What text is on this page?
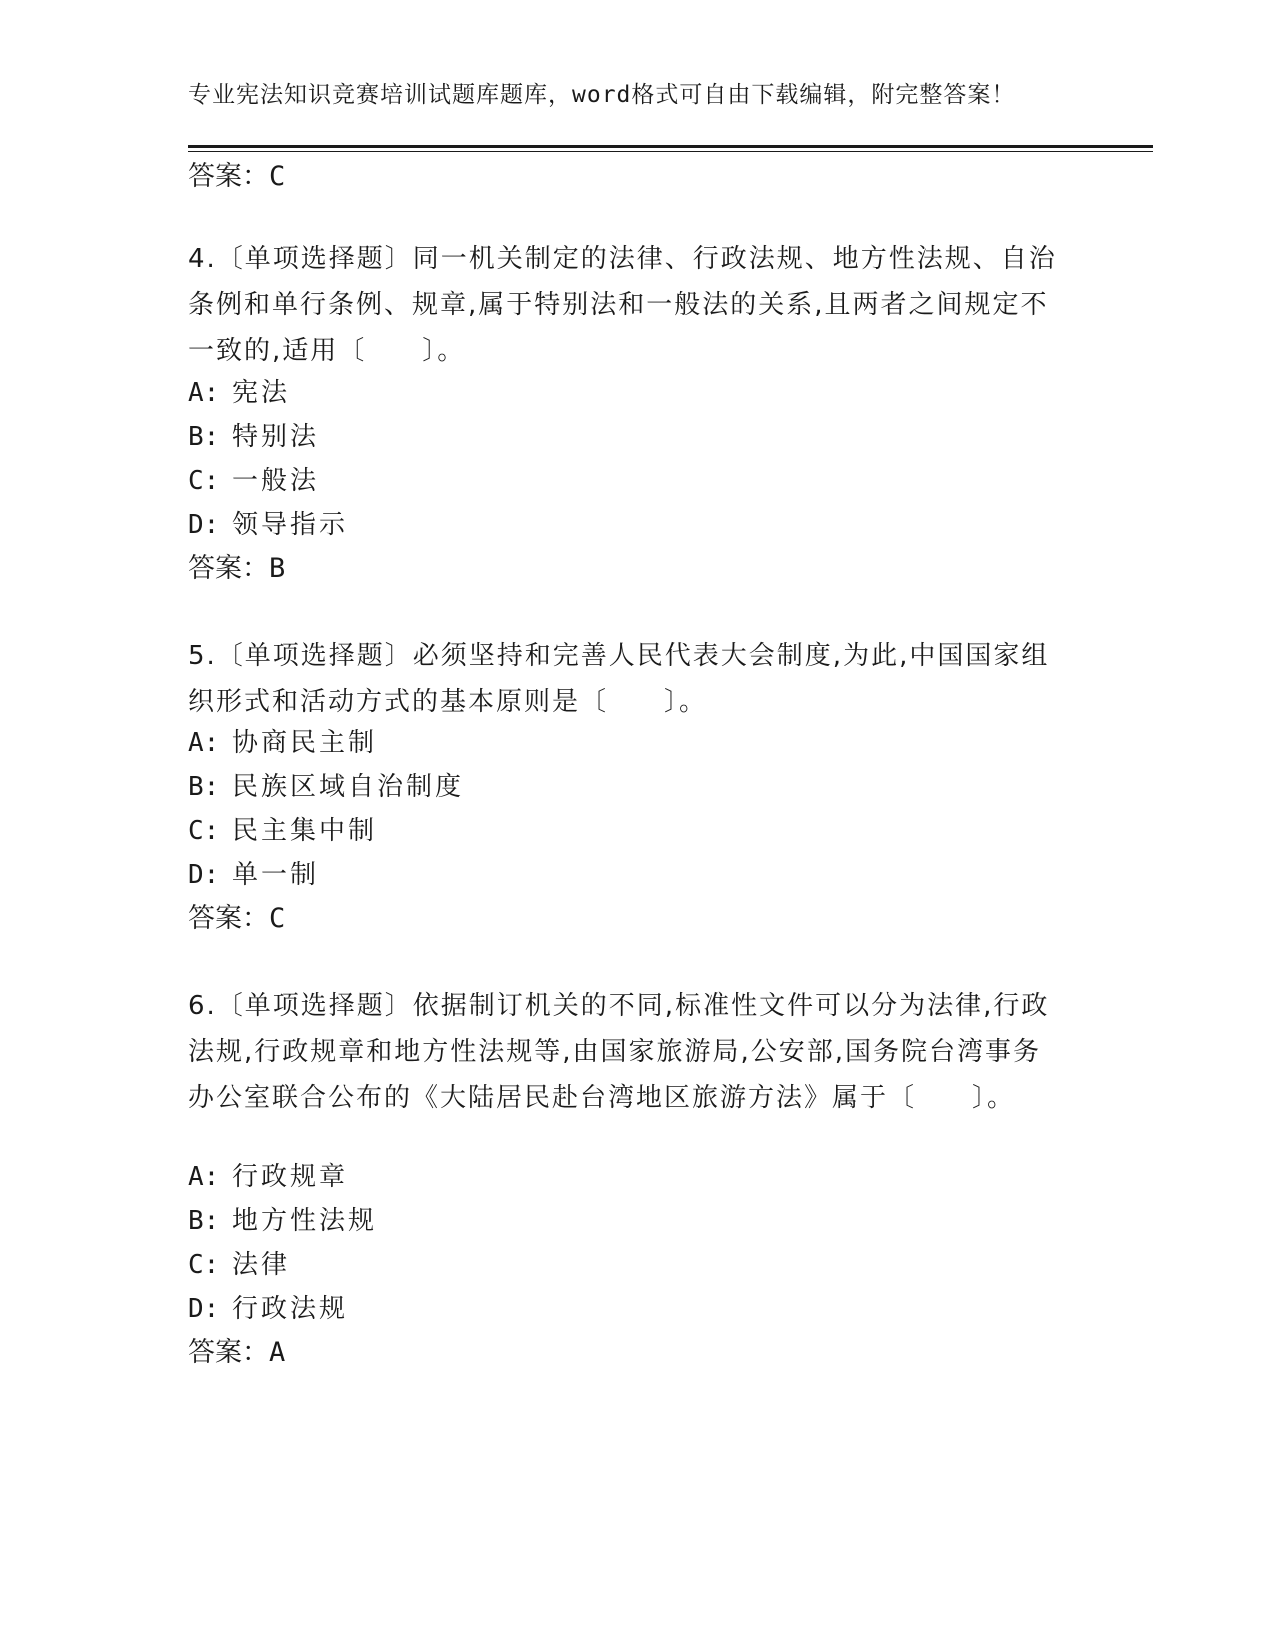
专业宪法知识竞赛培训试题库题库，word格式可自由下载编辑，附完整答案！
答案：C
4.〔单项选择题〕同一机关制定的法律、行政法规、地方性法规、自治条例和单行条例、规章,属于特别法和一般法的关系,且两者之间规定不一致的,适用〔　　〕。
A: 宪法
B: 特别法
C: 一般法
D: 领导指示
答案：B
5.〔单项选择题〕必须坚持和完善人民代表大会制度,为此,中国国家组织形式和活动方式的基本原则是〔　　〕。
A: 协商民主制
B: 民族区域自治制度
C: 民主集中制
D: 单一制
答案：C
6.〔单项选择题〕依据制订机关的不同,标准性文件可以分为法律,行政法规,行政规章和地方性法规等,由国家旅游局,公安部,国务院台湾事务办公室联合公布的《大陆居民赴台湾地区旅游方法》属于〔　　〕。
A: 行政规章
B: 地方性法规
C: 法律
D: 行政法规
答案：A
